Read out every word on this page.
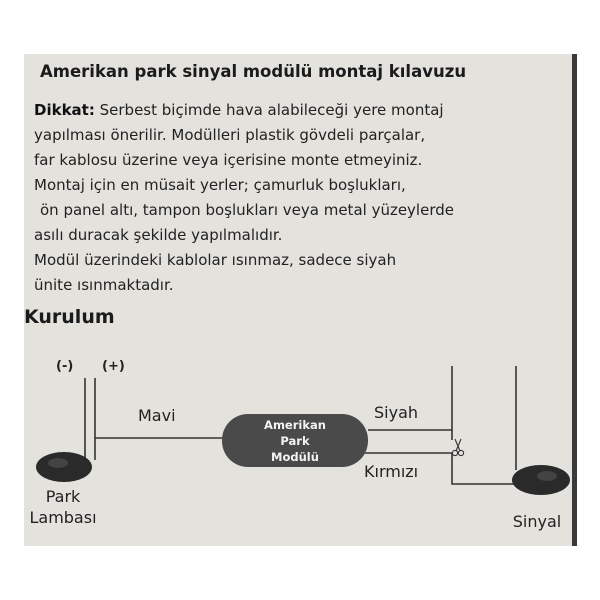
Amerikan park sinyal modülü montaj kılavuzu
Dikkat: Serbest biçimde hava alabileceği yere montaj
yapılması önerilir. Modülleri plastik gövdeli parçalar,
far kablosu üzerine veya içerisine monte etmeyiniz.
Montaj için en müsait yerler; çamurluk boşlukları,
ön panel altı, tampon boşlukları veya metal yüzeylerde
asılı duracak şekilde yapılmalıdır.
Modül üzerindeki kablolar ısınmaz, sadece siyah
ünite ısınmaktadır.
Kurulum
Amerikan
Park
Modülü
(-) (+)
Mavi	Siyah
Kırmızı
Park
Lambası	Sinyal
